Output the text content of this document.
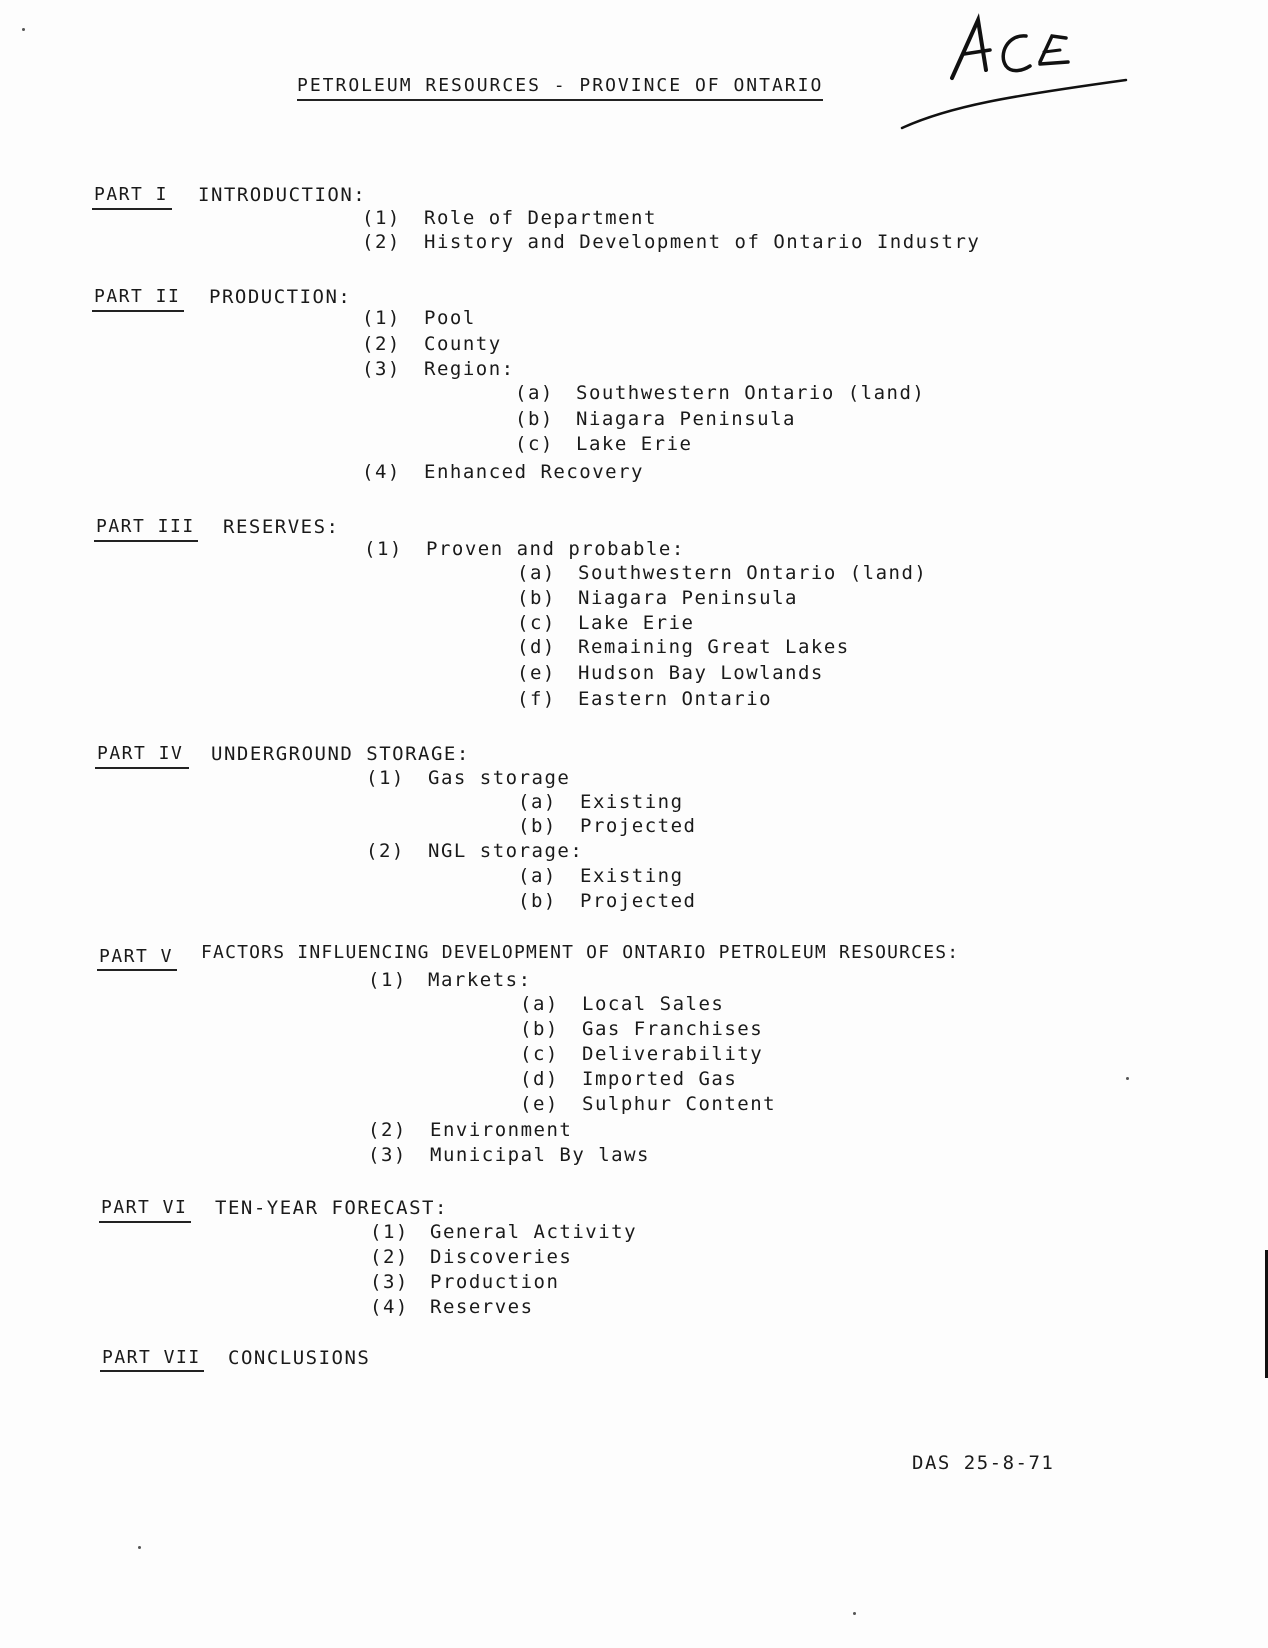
PETROLEUM RESOURCES - PROVINCE OF ONTARIO
PART I INTRODUCTION:
(1) Role of Department
(2) History and Development of Ontario Industry
PART II PRODUCTION:
(1) Pool
(2) County
(3) Region:
(a) Southwestern Ontario (land)
(b) Niagara Peninsula
(c) Lake Erie
(4) Enhanced Recovery
PART III RESERVES:
(1) Proven and probable:
(a) Southwestern Ontario (land)
(b) Niagara Peninsula
(c) Lake Erie
(d) Remaining Great Lakes
(e) Hudson Bay Lowlands
(f) Eastern Ontario
PART IV UNDERGROUND STORAGE:
(1) Gas storage
(a) Existing
(b) Projected
(2) NGL storage:
(a) Existing
(b) Projected
PART V FACTORS INFLUENCING DEVELOPMENT OF ONTARIO PETROLEUM RESOURCES:
(1) Markets:
(a) Local Sales
(b) Gas Franchises
(c) Deliverability
(d) Imported Gas
(e) Sulphur Content
(2) Environment
(3) Municipal By laws
PART VI TEN-YEAR FORECAST:
(1) General Activity
(2) Discoveries
(3) Production
(4) Reserves
PART VII CONCLUSIONS
DAS 25-8-71
